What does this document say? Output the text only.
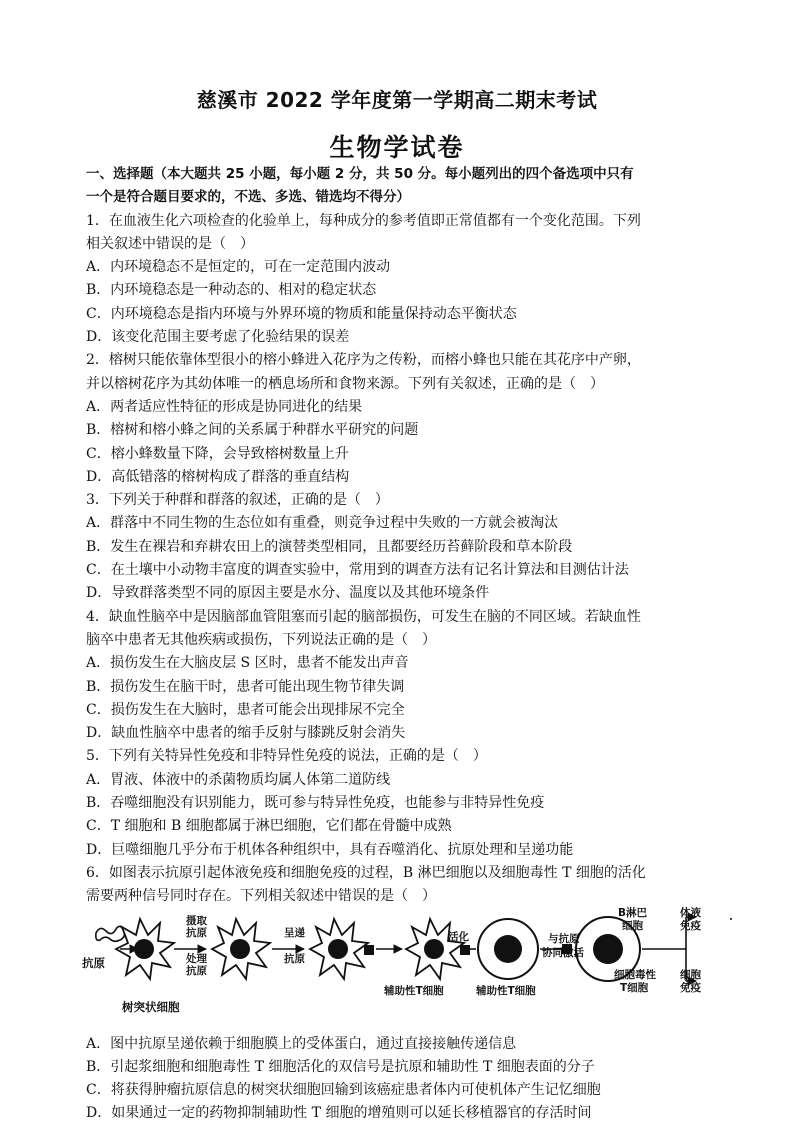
慈溪市 2022 学年度第一学期高二期末考试
生物学试卷
一、选择题（本大题共 25 小题，每小题 2 分，共 50 分。每小题列出的四个备选项中只有
一个是符合题目要求的，不选、多选、错选均不得分）
1．在血液生化六项检查的化验单上，每种成分的参考值即正常值都有一个变化范围。下列
相关叙述中错误的是（　）
A．内环境稳态不是恒定的，可在一定范围内波动
B．内环境稳态是一种动态的、相对的稳定状态
C．内环境稳态是指内环境与外界环境的物质和能量保持动态平衡状态
D．该变化范围主要考虑了化验结果的误差
2．榕树只能依靠体型很小的榕小蜂进入花序为之传粉，而榕小蜂也只能在其花序中产卵，
并以榕树花序为其幼体唯一的栖息场所和食物来源。下列有关叙述，正确的是（　）
A．两者适应性特征的形成是协同进化的结果
B．榕树和榕小蜂之间的关系属于种群水平研究的问题
C．榕小蜂数量下降，会导致榕树数量上升
D．高低错落的榕树构成了群落的垂直结构
3．下列关于种群和群落的叙述，正确的是（　）
A．群落中不同生物的生态位如有重叠，则竞争过程中失败的一方就会被淘汰
B．发生在裸岩和弃耕农田上的演替类型相同，且都要经历苔藓阶段和草本阶段
C．在土壤中小动物丰富度的调查实验中，常用到的调查方法有记名计算法和目测估计法
D．导致群落类型不同的原因主要是水分、温度以及其他环境条件
4．缺血性脑卒中是因脑部血管阻塞而引起的脑部损伤，可发生在脑的不同区域。若缺血性
脑卒中患者无其他疾病或损伤，下列说法正确的是（　）
A．损伤发生在大脑皮层 S 区时，患者不能发出声音
B．损伤发生在脑干时，患者可能出现生物节律失调
C．损伤发生在大脑时，患者可能会出现排尿不完全
D．缺血性脑卒中患者的缩手反射与膝跳反射会消失
5．下列有关特异性免疫和非特异性免疫的说法，正确的是（　）
A．胃液、体液中的杀菌物质均属人体第二道防线
B．吞噬细胞没有识别能力，既可参与特异性免疫，也能参与非特异性免疫
C．T 细胞和 B 细胞都属于淋巴细胞，它们都在骨髓中成熟
D．巨噬细胞几乎分布于机体各种组织中，具有吞噬消化、抗原处理和呈递功能
6．如图表示抗原引起体液免疫和细胞免疫的过程，B 淋巴细胞以及细胞毒性 T 细胞的活化
需要两种信号同时存在。下列相关叙述中错误的是（　）
抗原
摄取
抗原
处理
抗原
呈递
抗原
树突状细胞
活化
辅助性T细胞	辅助性T细胞
与抗原
协同激活
B淋巴
细胞
体液
免疫
细胞毒性
T细胞
细胞
免疫
A．图中抗原呈递依赖于细胞膜上的受体蛋白，通过直接接触传递信息
B．引起浆细胞和细胞毒性 T 细胞活化的双信号是抗原和辅助性 T 细胞表面的分子
C．将获得肿瘤抗原信息的树突状细胞回输到该癌症患者体内可使机体产生记忆细胞
D．如果通过一定的药物抑制辅助性 T 细胞的增殖则可以延长移植器官的存活时间
